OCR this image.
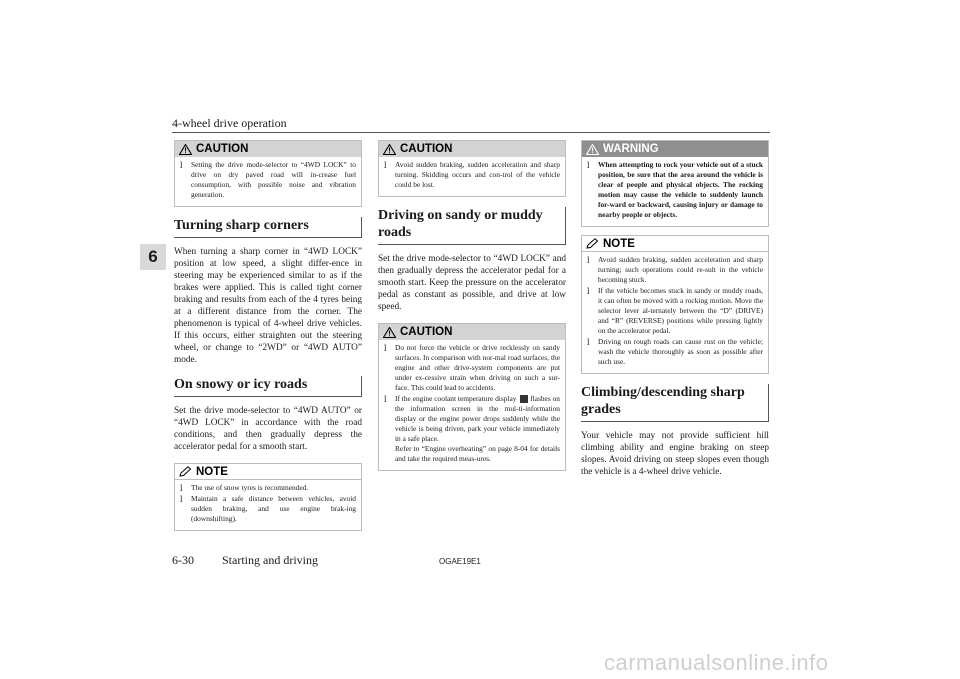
4-wheel drive operation
6
CAUTION
l	Setting the drive mode-selector to “4WD LOCK” to drive on dry paved road will in-crease fuel consumption, with possible noise and vibration generation.
Turning sharp corners

When turning a sharp corner in “4WD LOCK” position at low speed, a slight differ-ence in steering may be experienced similar to as if the brakes were applied. This is called tight corner braking and results from each of the 4 tyres being at a different distance from the corner. The phenomenon is typical of 4-wheel drive vehicles. If this occurs, either straighten out the steering wheel, or change to “2WD” or “4WD AUTO” mode.

On snowy or icy roads

Set the drive mode-selector to “4WD AUTO” or “4WD LOCK” in accordance with the road conditions, and then gradually depress the accelerator pedal for a smooth start.

NOTE
l	The use of snow tyres is recommended.
l	Maintain a safe distance between vehicles, avoid sudden braking, and use engine brak-ing (downshifting).
CAUTION
l	Avoid sudden braking, sudden acceleration and sharp turning. Skidding occurs and con-trol of the vehicle could be lost.
Driving on sandy or muddy roads

Set the drive mode-selector to “4WD LOCK” and then gradually depress the accelerator pedal for a smooth start. Keep the pressure on the accelerator pedal as constant as possible, and drive at low speed.

CAUTION
l	Do not force the vehicle or drive recklessly on sandy surfaces. In comparison with nor-mal road surfaces, the engine and other drive-system components are put under ex-cessive strain when driving on such a sur-face. This could lead to accidents.
l	If the engine coolant temperature display flashes on the information screen in the mul-ti-information display or the engine power drops suddenly while the vehicle is being driven, park your vehicle immediately in a safe place.
Refer to “Engine overheating” on page 8-04 for details and take the required meas-ures.
WARNING
l	When attempting to rock your vehicle out of a stuck position, be sure that the area around the vehicle is clear of people and physical objects. The rocking motion may cause the vehicle to suddenly launch for-ward or backward, causing injury or damage to nearby people or objects.
NOTE
l	Avoid sudden braking, sudden acceleration and sharp turning; such operations could re-sult in the vehicle becoming stuck.
l	If the vehicle becomes stuck in sandy or muddy roads, it can often be moved with a rocking motion. Move the selector lever al-ternately between the “D” (DRIVE) and “R” (REVERSE) positions while pressing lightly on the accelerator pedal.
l	Driving on rough roads can cause rust on the vehicle; wash the vehicle thoroughly as soon as possible after such use.
Climbing/descending sharp grades

Your vehicle may not provide sufficient hill climbing ability and engine braking on steep slopes. Avoid driving on steep slopes even though the vehicle is a 4-wheel drive vehicle.

6-30 Starting and driving	OGAE19E1
carmanualsonline.info
